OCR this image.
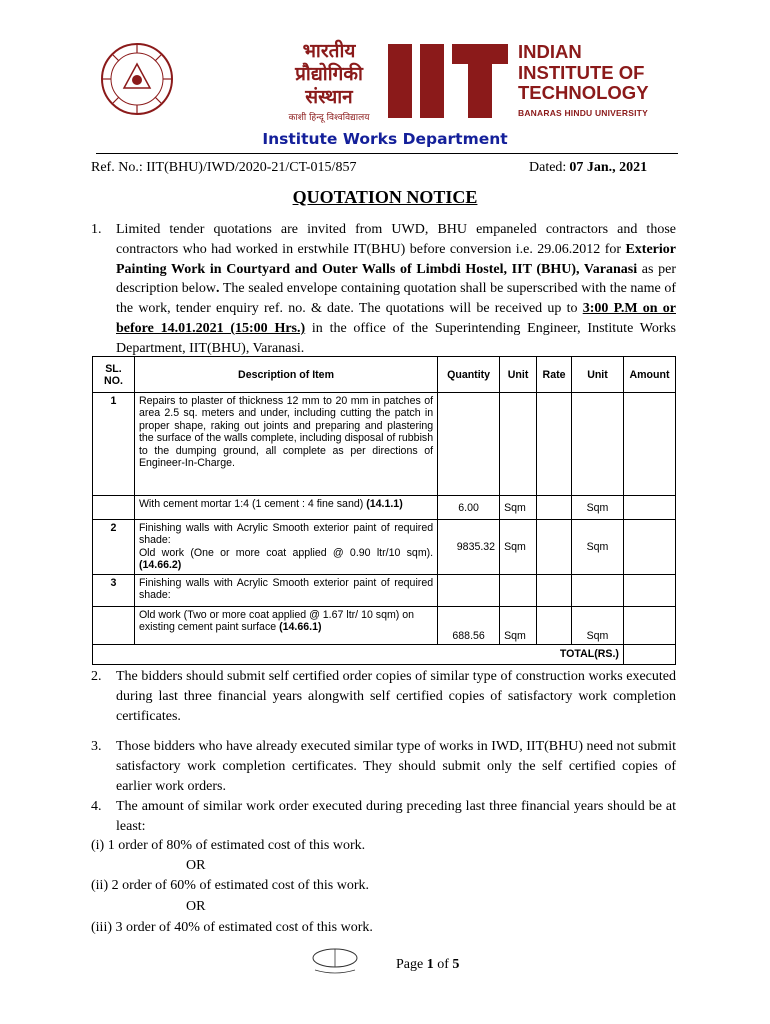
भारतीय
प्रौद्योगिकी
संस्थान
काशी हिन्दू विश्वविद्यालय
INDIAN
INSTITUTE OF
TECHNOLOGY
BANARAS HINDU UNIVERSITY
Institute Works Department
Ref. No.: IIT(BHU)/IWD/2020-21/CT-015/857	Dated: 07 Jan., 2021
QUOTATION NOTICE
1. Limited tender quotations are invited from UWD, BHU empaneled contractors and those contractors who had worked in erstwhile IT(BHU) before conversion i.e. 29.06.2012 for Exterior Painting Work in Courtyard and Outer Walls of Limbdi Hostel, IIT (BHU), Varanasi as per description below. The sealed envelope containing quotation shall be superscribed with the name of the work, tender enquiry ref. no. & date. The quotations will be received up to 3:00 P.M on or before 14.01.2021 (15:00 Hrs.) in the office of the Superintending Engineer, Institute Works Department, IIT(BHU), Varanasi.
SL. NO.	Description of Item	Quantity	Unit	Rate	Unit	Amount
1	Repairs to plaster of thickness 12 mm to 20 mm in patches of area 2.5 sq. meters and under, including cutting the patch in proper shape, raking out joints and preparing and plastering the surface of the walls complete, including disposal of rubbish to the dumping ground, all complete as per directions of Engineer-In-Charge.					
	With cement mortar 1:4 (1 cement : 4 fine sand) (14.1.1)	6.00	Sqm		Sqm	
2	Finishing walls with Acrylic Smooth exterior paint of required shade:
Old work (One or more coat applied @ 0.90 ltr/10 sqm).(14.66.2)	9835.32	Sqm		Sqm	
3	Finishing walls with Acrylic Smooth exterior paint of required shade:					
	Old work (Two or more coat applied @ 1.67 ltr/ 10 sqm) on existing cement paint surface (14.66.1)	688.56	Sqm		Sqm	
TOTAL(RS.)						
2. The bidders should submit self certified order copies of similar type of construction works executed during last three financial years alongwith self certified copies of satisfactory work completion certificates.
3. Those bidders who have already executed similar type of works in IWD, IIT(BHU) need not submit satisfactory work completion certificates. They should submit only the self certified copies of earlier work orders.
4. The amount of similar work order executed during preceding last three financial years should be at least:
(i) 1 order of 80% of estimated cost of this work.
OR
(ii) 2 order of 60% of estimated cost of this work.
OR
(iii) 3 order of 40% of estimated cost of this work.
Page 1 of 5
